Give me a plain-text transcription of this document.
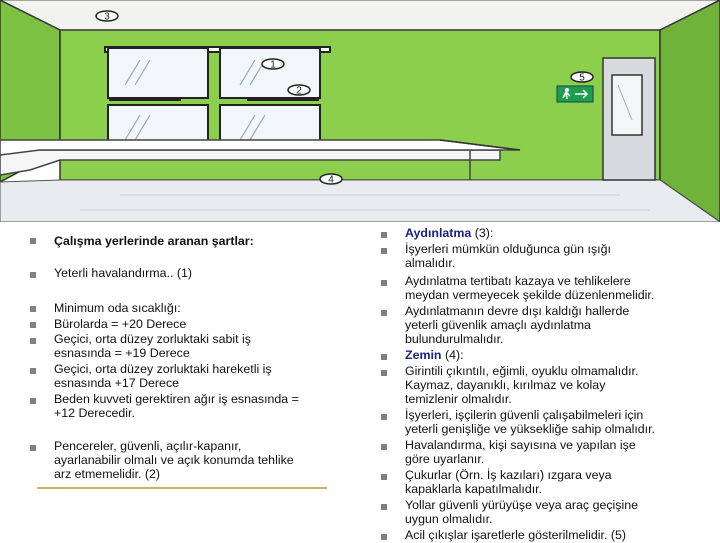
3
1
2
5
4
Çalışma yerlerinde aranan şartlar:
Yeterli havalandırma.. (1)
Minimum oda sıcaklığı:
Bürolarda = +20 Derece
Geçici, orta düzey zorluktaki sabit iş
esnasında = +19 Derece
Geçici, orta düzey zorluktaki hareketli iş
esnasında +17 Derece
Beden kuvveti gerektiren ağır iş esnasında =
+12 Derecedir.
Pencereler, güvenli, açılır-kapanır,
ayarlanabilir olmalı ve açık konumda tehlike
arz etmemelidir. (2)
Aydınlatma (3):
İşyerleri mümkün olduğunca gün ışığı
almalıdır.
Aydınlatma tertibatı kazaya ve tehlikelere
meydan vermeyecek şekilde düzenlenmelidir.
Aydınlatmanın devre dışı kaldığı hallerde
yeterli güvenlik amaçlı aydınlatma
bulundurulmalıdır.
Zemin (4):
Girintili çıkıntılı, eğimli, oyuklu olmamalıdır.
Kaymaz, dayanıklı, kırılmaz ve kolay
temizlenir olmalıdır.
İşyerleri, işçilerin güvenli çalışabilmeleri için
yeterli genişliğe ve yüksekliğe sahip olmalıdır.
Havalandırma, kişi sayısına ve yapılan işe
göre uyarlanır.
Çukurlar (Örn. İş kazıları) ızgara veya
kapaklarla kapatılmalıdır.
Yollar güvenli yürüyüşe veya araç geçişine
uygun olmalıdır.
Acil çıkışlar işaretlerle gösterilmelidir. (5)
